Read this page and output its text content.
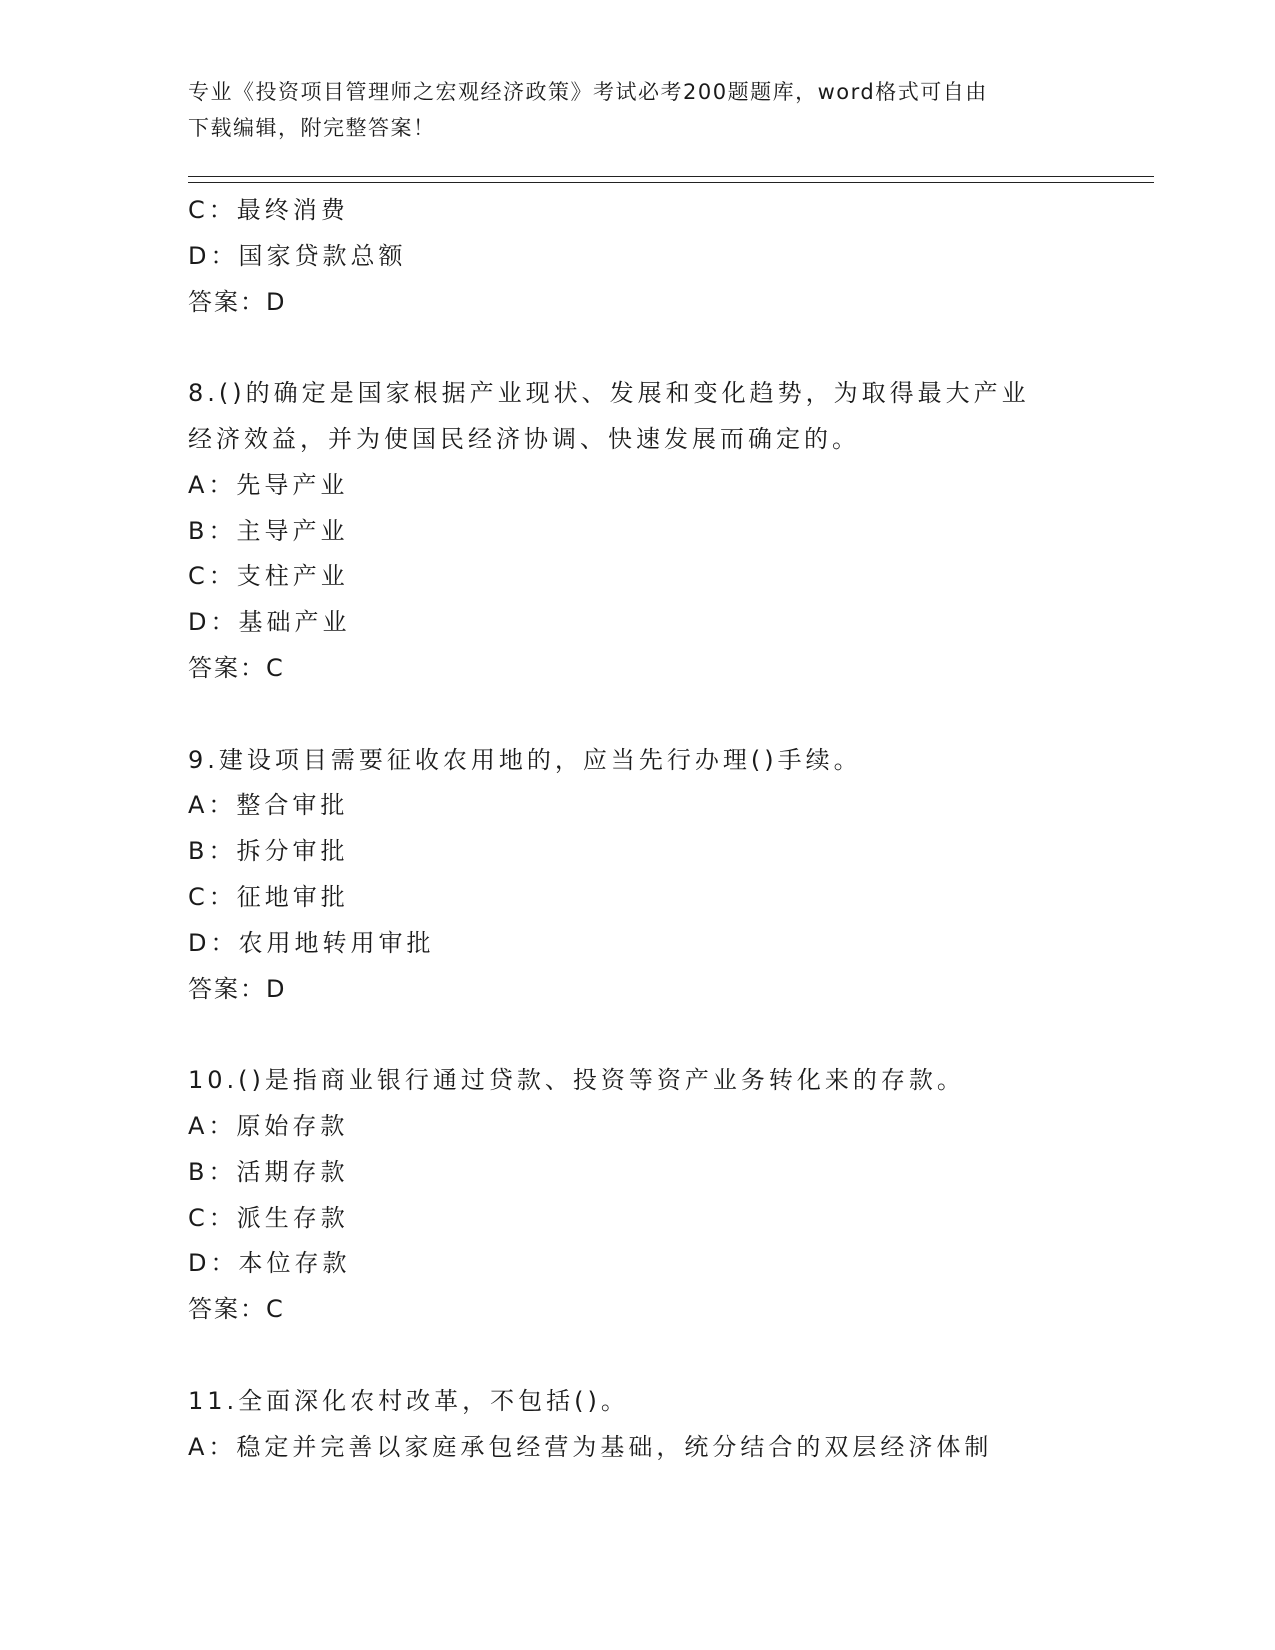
专业《投资项目管理师之宏观经济政策》考试必考200题题库，word格式可自由
下载编辑，附完整答案！
C：最终消费
D：国家贷款总额
答案：D
8.()的确定是国家根据产业现状、发展和变化趋势，为取得最大产业
经济效益，并为使国民经济协调、快速发展而确定的。
A：先导产业
B：主导产业
C：支柱产业
D：基础产业
答案：C
9.建设项目需要征收农用地的，应当先行办理()手续。
A：整合审批
B：拆分审批
C：征地审批
D：农用地转用审批
答案：D
10.()是指商业银行通过贷款、投资等资产业务转化来的存款。
A：原始存款
B：活期存款
C：派生存款
D：本位存款
答案：C
11.全面深化农村改革，不包括()。
A：稳定并完善以家庭承包经营为基础，统分结合的双层经济体制
